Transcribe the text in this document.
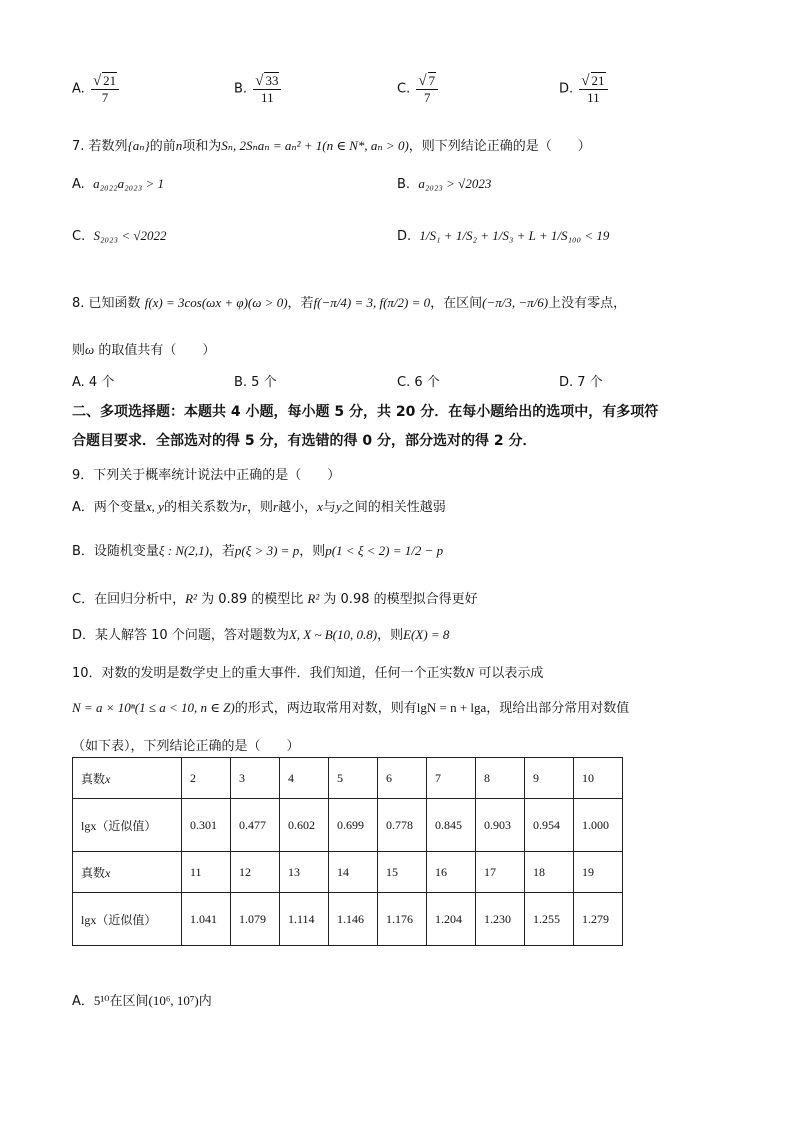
A. $\frac{√ 21}{7}$	B. $\frac{√ 33}{11}$	C. $\frac{√ 7}{7}$	D. $\frac{√ 21}{11}$
7. 若数列{aₙ}的前n项和为Sₙ, 2Sₙaₙ = aₙ² + 1(n ∈ N*, aₙ > 0)，则下列结论正确的是（　　）
A. a₂₀₂₂a₂₀₂₃ > 1	B. a₂₀₂₃ > √2023
C. S₂₀₂₃ < √2022	D. 1/S₁ + 1/S₂ + 1/S₃ + L + 1/S₁₀₀ < 19
8. 已知函数 f(x) = 3cos(ωx + φ)(ω > 0)，若f(−π/4) = 3, f(π/2) = 0，在区间(−π/3, −π/6)上没有零点，
则ω 的取值共有（　　）
A. 4 个	B. 5 个	C. 6 个	D. 7 个
二、多项选择题：本题共 4 小题，每小题 5 分，共 20 分．在每小题给出的选项中，有多项符
合题目要求．全部选对的得 5 分，有选错的得 0 分，部分选对的得 2 分．
9．下列关于概率统计说法中正确的是（　　）
A．两个变量x, y的相关系数为r，则r越小，x与y之间的相关性越弱
B．设随机变量ξ : N(2,1)，若p(ξ > 3) = p，则p(1 < ξ < 2) = 1/2 − p
C．在回归分析中，R² 为 0.89 的模型比 R² 为 0.98 的模型拟合得更好
D．某人解答 10 个问题，答对题数为X, X ~ B(10, 0.8)，则E(X) = 8
10．对数的发明是数学史上的重大事件．我们知道，任何一个正实数N 可以表示成
N = a × 10ⁿ(1 ≤ a < 10, n ∈ Z)的形式，两边取常用对数，则有lgN = n + lga，现给出部分常用对数值
（如下表），下列结论正确的是（　　）
真数x	2	3	4	5	6	7	8	9	10
lgx（近似值）	0.301	0.477	0.602	0.699	0.778	0.845	0.903	0.954	1.000
真数x	11	12	13	14	15	16	17	18	19
lgx（近似值）	1.041	1.079	1.114	1.146	1.176	1.204	1.230	1.255	1.279
A．5¹⁰在区间(10⁶, 10⁷)内
